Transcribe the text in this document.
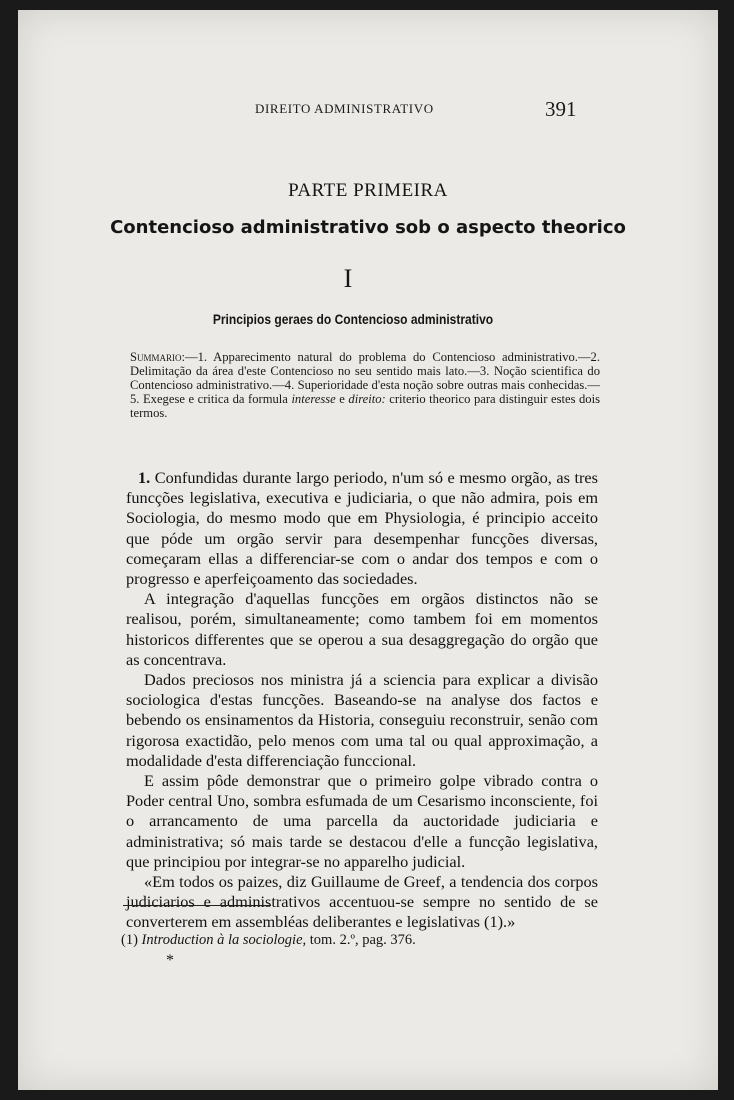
DIREITO ADMINISTRATIVO	391
PARTE PRIMEIRA
Contencioso administrativo sob o aspecto theorico
I
Principios geraes do Contencioso administrativo
Summario:—1. Apparecimento natural do problema do Contencioso administrativo.—2. Delimitação da área d'este Contencioso no seu sentido mais lato.—3. Noção scientifica do Contencioso administrativo.—4. Superioridade d'esta noção sobre outras mais conhecidas.—5. Exegese e critica da formula interesse e direito: criterio theorico para distinguir estes dois termos.

1. Confundidas durante largo periodo, n'um só e mesmo orgão, as tres funcções legislativa, executiva e judiciaria, o que não admira, pois em Sociologia, do mesmo modo que em Physiologia, é principio acceito que póde um orgão servir para desempenhar funcções diversas, começaram ellas a differenciar-se com o andar dos tempos e com o progresso e aperfeiçoamento das sociedades.

A integração d'aquellas funcções em orgãos distinctos não se realisou, porém, simultaneamente; como tambem foi em momentos historicos differentes que se operou a sua desaggregação do orgão que as concentrava.

Dados preciosos nos ministra já a sciencia para explicar a divisão sociologica d'estas funcções. Baseando-se na analyse dos factos e bebendo os ensinamentos da Historia, conseguiu reconstruir, senão com rigorosa exactidão, pelo menos com uma tal ou qual approximação, a modalidade d'esta differenciação funccional.

E assim pôde demonstrar que o primeiro golpe vibrado contra o Poder central Uno, sombra esfumada de um Cesarismo inconsciente, foi o arrancamento de uma parcella da auctoridade judiciaria e administrativa; só mais tarde se destacou d'elle a funcção legislativa, que principiou por integrar-se no apparelho judicial.

«Em todos os paizes, diz Guillaume de Greef, a tendencia dos corpos judiciarios e administrativos accentuou-se sempre no sentido de se converterem em assembléas deliberantes e legislativas (1).»

(1) Introduction à la sociologie, tom. 2.º, pag. 376.
*
